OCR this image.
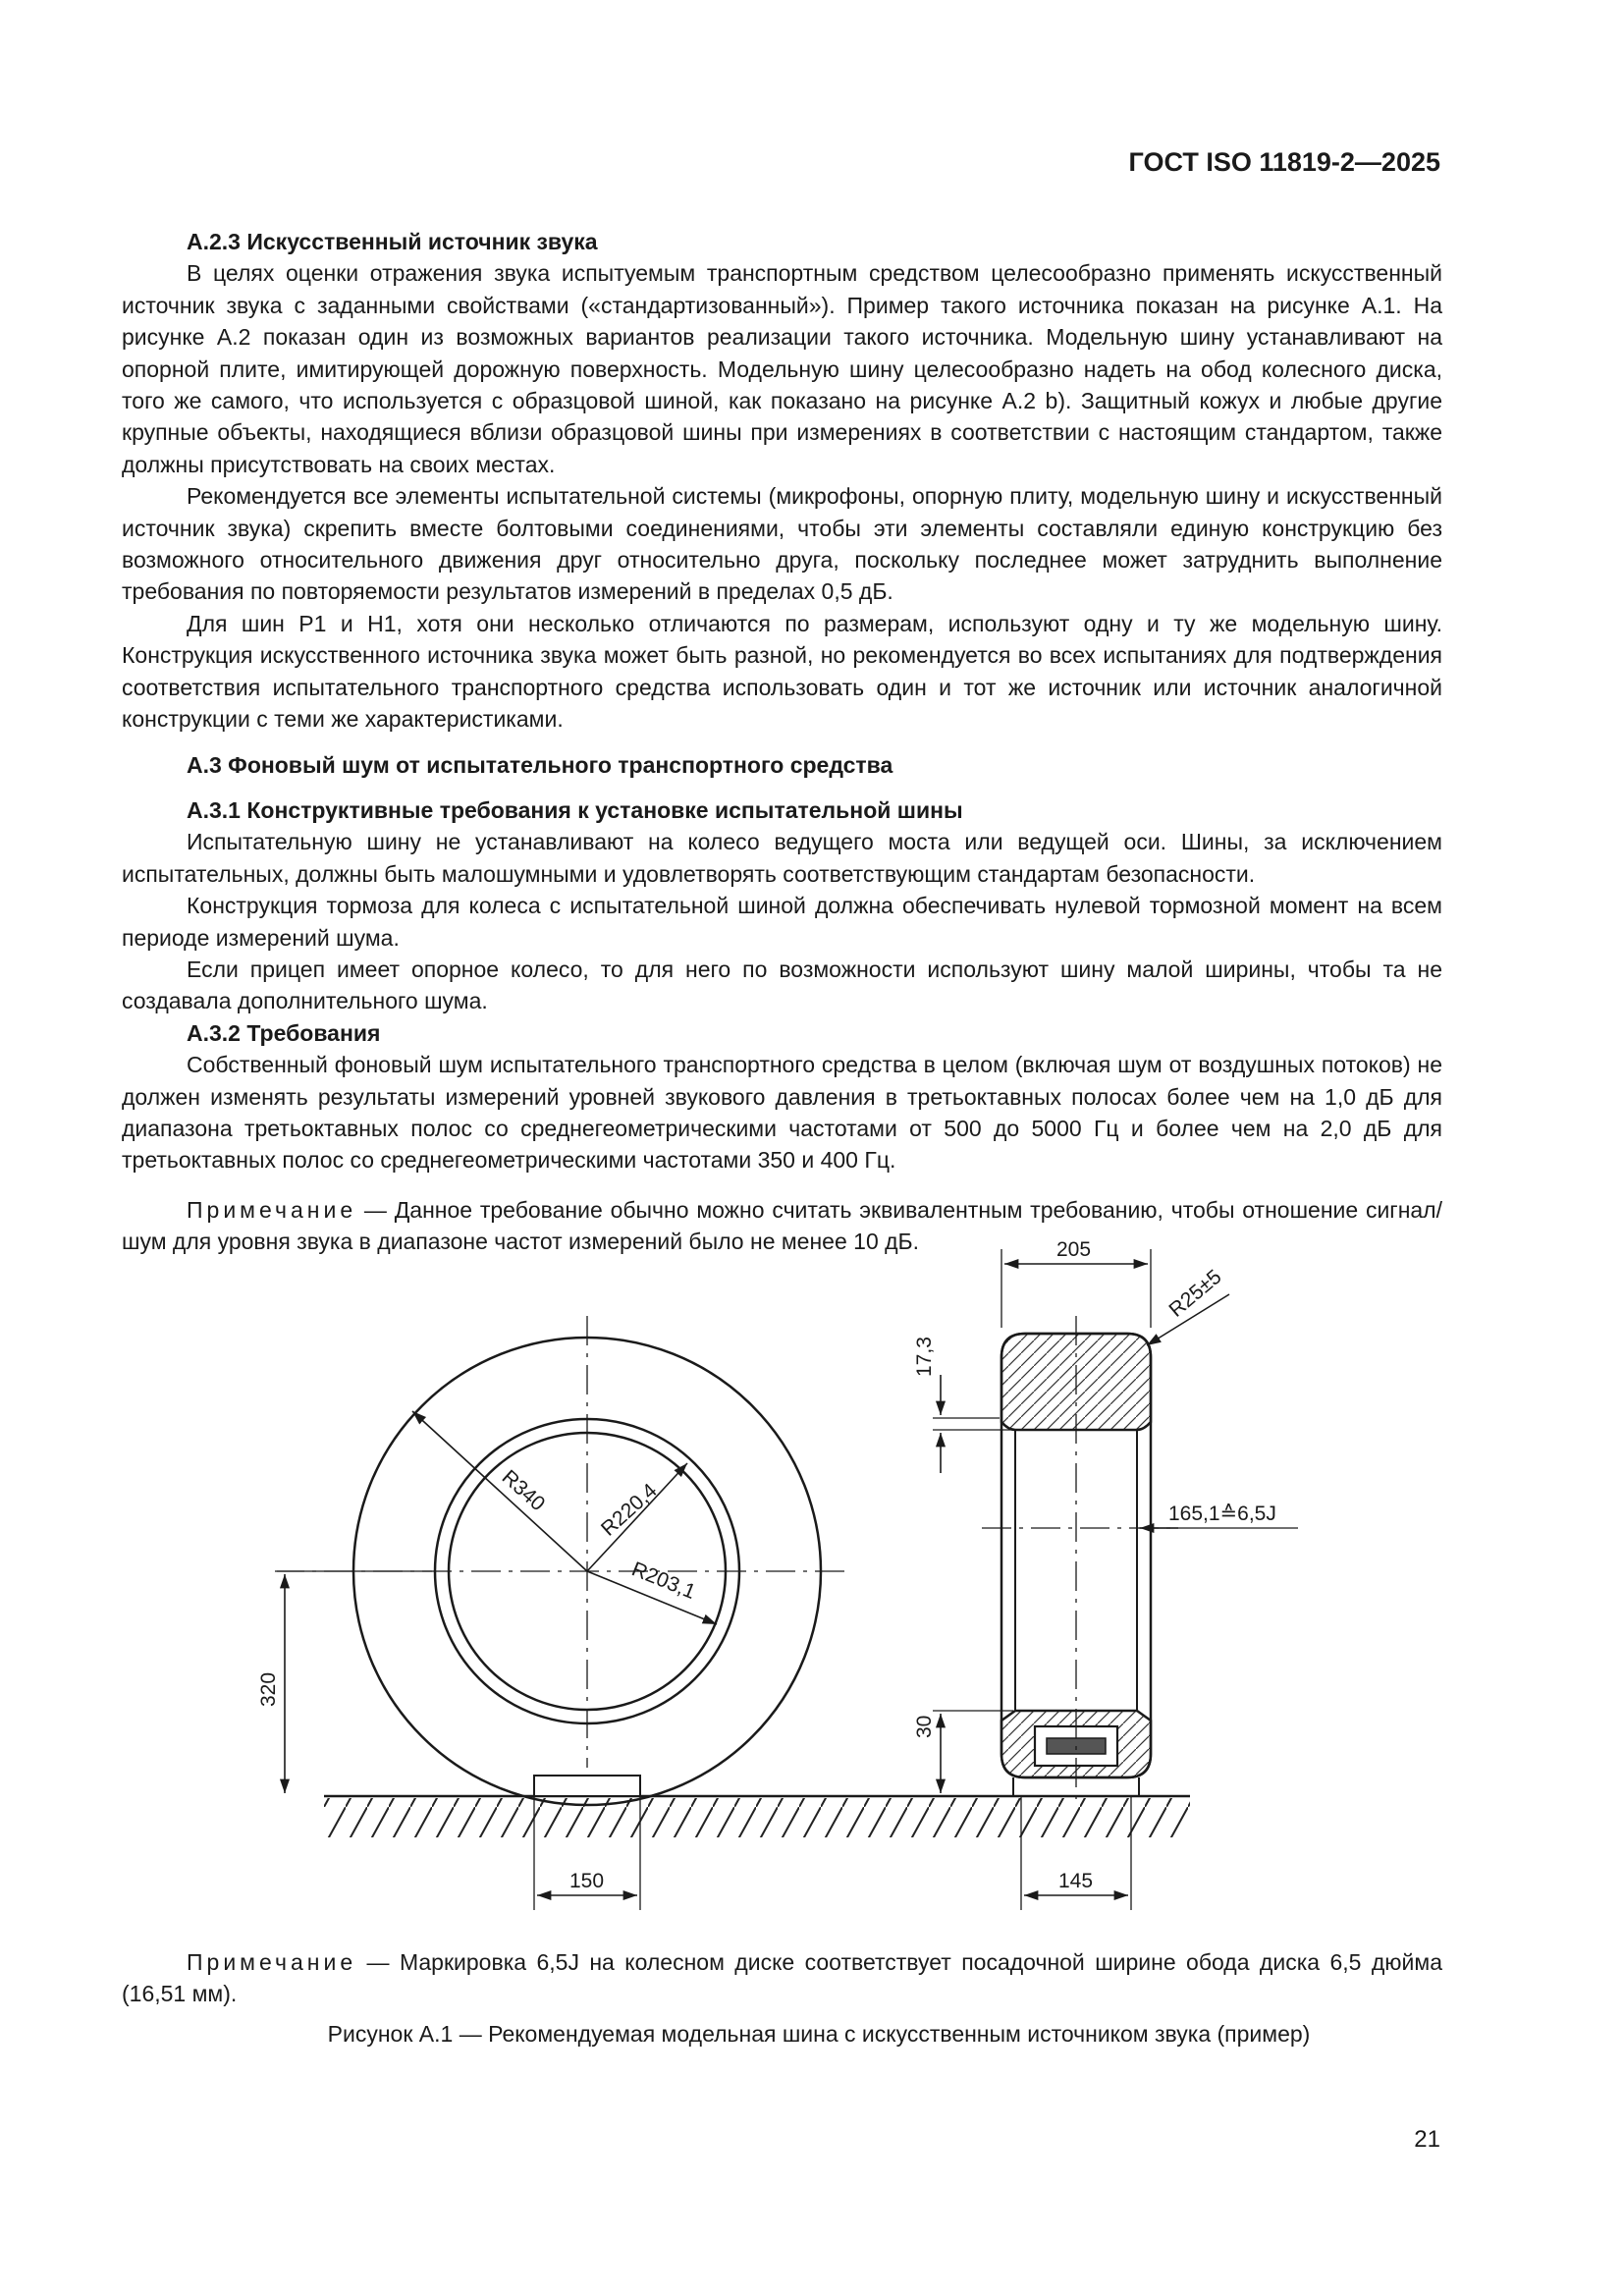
ГОСТ ISO 11819-2—2025

А.2.3 Искусственный источник звука

В целях оценки отражения звука испытуемым транспортным средством целесообразно применять искусственный источник звука с заданными свойствами («стандартизованный»). Пример такого источника показан на рисунке А.1. На рисунке А.2 показан один из возможных вариантов реализации такого источника. Модельную шину устанавливают на опорной плите, имитирующей дорожную поверхность. Модельную шину целесообразно надеть на обод колесного диска, того же самого, что используется с образцовой шиной, как показано на рисунке А.2 b). Защитный кожух и любые другие крупные объекты, находящиеся вблизи образцовой шины при измерениях в соответствии с настоящим стандартом, также должны присутствовать на своих местах.

Рекомендуется все элементы испытательной системы (микрофоны, опорную плиту, модельную шину и искусственный источник звука) скрепить вместе болтовыми соединениями, чтобы эти элементы составляли единую конструкцию без возможного относительного движения друг относительно друга, поскольку последнее может затруднить выполнение требования по повторяемости результатов измерений в пределах 0,5 дБ.

Для шин P1 и H1, хотя они несколько отличаются по размерам, используют одну и ту же модельную шину. Конструкция искусственного источника звука может быть разной, но рекомендуется во всех испытаниях для подтверждения соответствия испытательного транспортного средства использовать один и тот же источник или источник аналогичной конструкции с теми же характеристиками.

А.3 Фоновый шум от испытательного транспортного средства

А.3.1 Конструктивные требования к установке испытательной шины

Испытательную шину не устанавливают на колесо ведущего моста или ведущей оси. Шины, за исключением испытательных, должны быть малошумными и удовлетворять соответствующим стандартам безопасности.

Конструкция тормоза для колеса с испытательной шиной должна обеспечивать нулевой тормозной момент на всем периоде измерений шума.

Если прицеп имеет опорное колесо, то для него по возможности используют шину малой ширины, чтобы та не создавала дополнительного шума.

А.3.2 Требования

Собственный фоновый шум испытательного транспортного средства в целом (включая шум от воздушных потоков) не должен изменять результаты измерений уровней звукового давления в третьоктавных полосах более чем на 1,0 дБ для диапазона третьоктавных полос со среднегеометрическими частотами от 500 до 5000 Гц и более чем на 2,0 дБ для третьоктавных полос со среднегеометрическими частотами 350 и 400 Гц.

Примечание — Данное требование обычно можно считать эквивалентным требованию, чтобы отношение сигнал/шум для уровня звука в диапазоне частот измерений было не менее 10 дБ.

R340 R220,4
R203,1
320
150
205
R25±5
17,3
165,1≙6,5J
30
145

Примечание — Маркировка 6,5J на колесном диске соответствует посадочной ширине обода диска 6,5 дюйма (16,51 мм).

Рисунок А.1 — Рекомендуемая модельная шина с искусственным источником звука (пример)
21
